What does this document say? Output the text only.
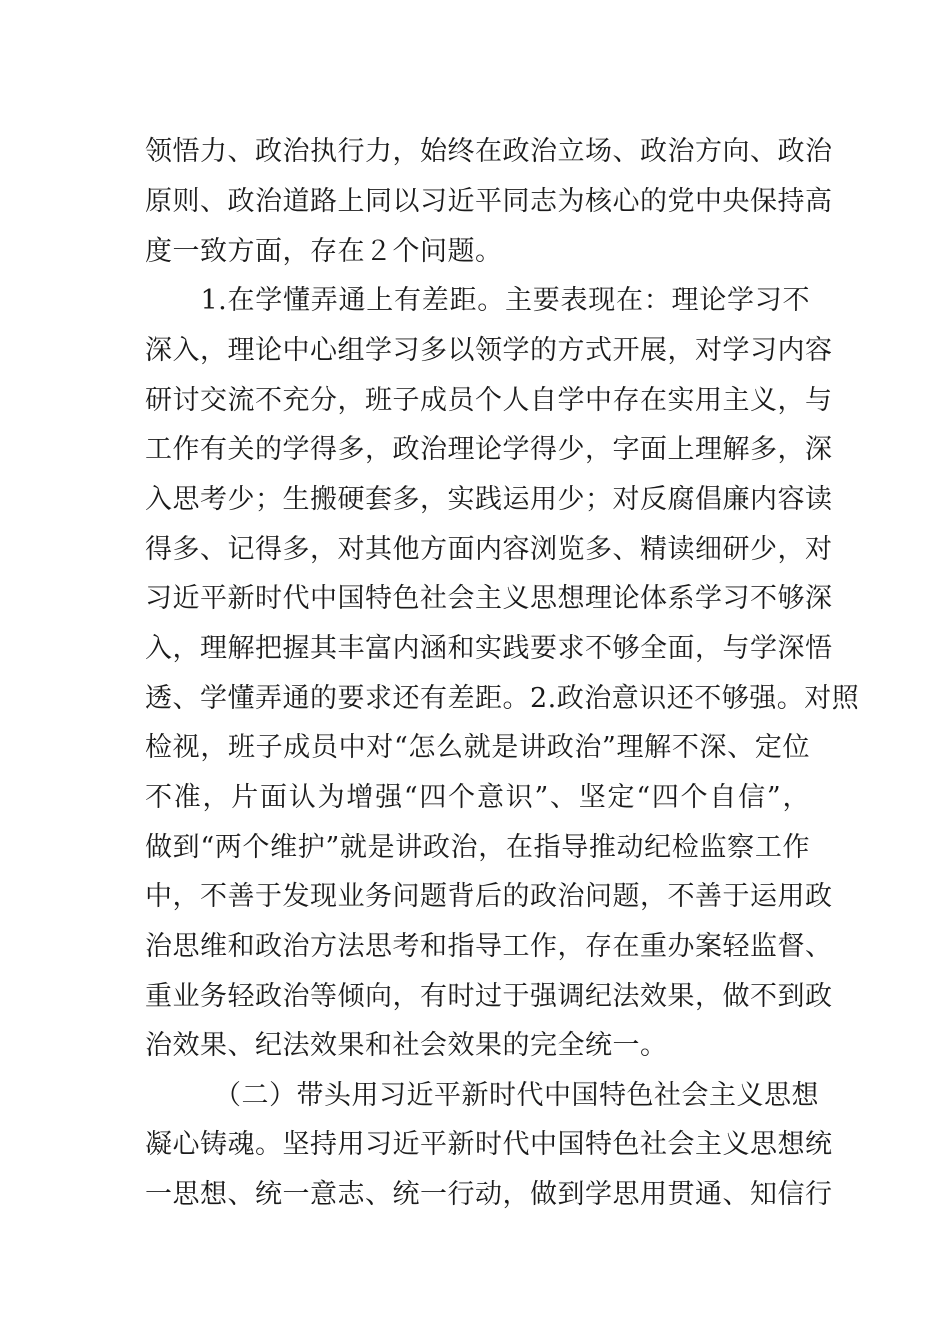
领悟力、政治执行力，始终在政治立场、政治方向、政治
原则、政治道路上同以习近平同志为核心的党中央保持高
度一致方面，存在２个问题。
　　1.在学懂弄通上有差距。主要表现在：理论学习不
深入，理论中心组学习多以领学的方式开展，对学习内容
研讨交流不充分，班子成员个人自学中存在实用主义，与
工作有关的学得多，政治理论学得少，字面上理解多，深
入思考少；生搬硬套多，实践运用少；对反腐倡廉内容读
得多、记得多，对其他方面内容浏览多、精读细研少，对
习近平新时代中国特色社会主义思想理论体系学习不够深
入，理解把握其丰富内涵和实践要求不够全面，与学深悟
透、学懂弄通的要求还有差距。2.政治意识还不够强。对照
检视，班子成员中对“怎么就是讲政治”理解不深、定位
不准，片面认为增强“四个意识”、坚定“四个自信”，
做到“两个维护”就是讲政治，在指导推动纪检监察工作
中，不善于发现业务问题背后的政治问题，不善于运用政
治思维和政治方法思考和指导工作，存在重办案轻监督、
重业务轻政治等倾向，有时过于强调纪法效果，做不到政
治效果、纪法效果和社会效果的完全统一。
　　　（二）带头用习近平新时代中国特色社会主义思想
凝心铸魂。坚持用习近平新时代中国特色社会主义思想统
一思想、统一意志、统一行动，做到学思用贯通、知信行
